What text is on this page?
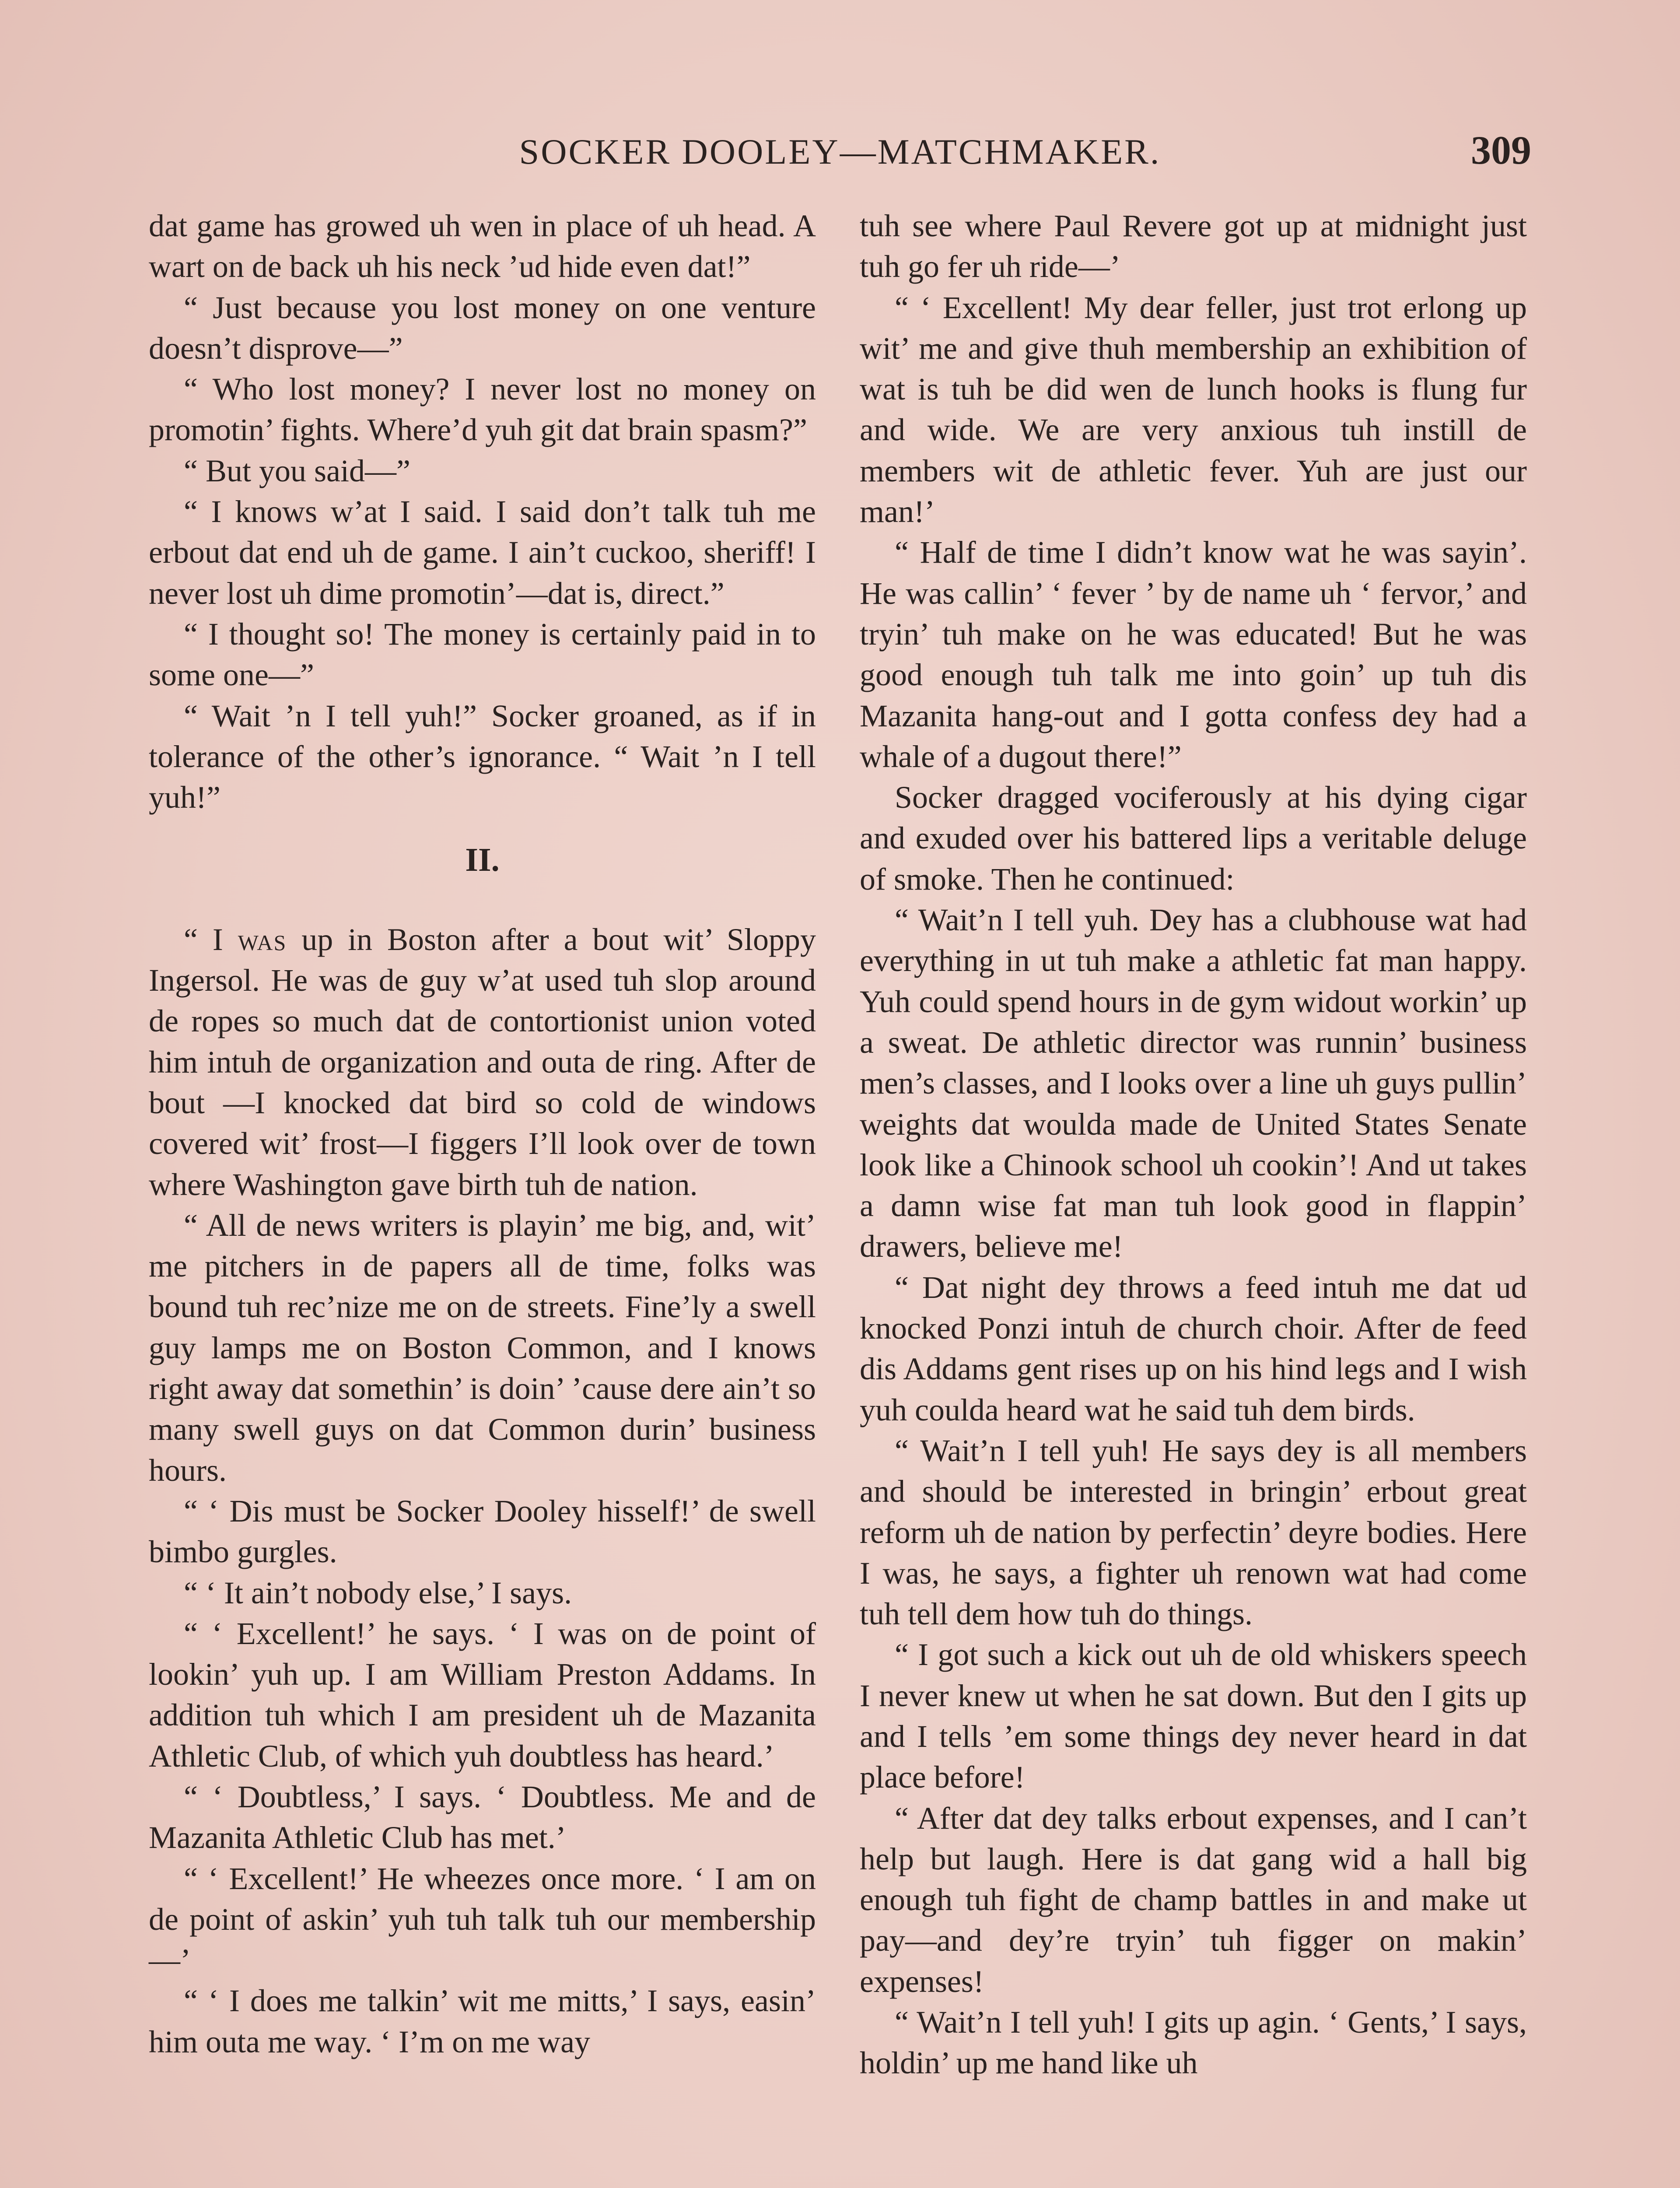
SOCKER DOOLEY—MATCHMAKER.	309

dat game has growed uh wen in place of uh head. A wart on de back uh his neck ’ud hide even dat!”

“ Just because you lost money on one venture doesn’t disprove—”

“ Who lost money? I never lost no money on promotin’ fights. Where’d yuh git dat brain spasm?”

“ But you said—”

“ I knows w’at I said. I said don’t talk tuh me erbout dat end uh de game. I ain’t cuckoo, sheriff! I never lost uh dime promotin’—dat is, direct.”

“ I thought so! The money is certainly paid in to some one—”

“ Wait ’n I tell yuh!” Socker groaned, as if in tolerance of the other’s ignorance. “ Wait ’n I tell yuh!”

II.

“ I was up in Boston after a bout wit’ Sloppy Ingersol. He was de guy w’at used tuh slop around de ropes so much dat de contortionist union voted him intuh de organization and outa de ring. After de bout —I knocked dat bird so cold de windows covered wit’ frost—I figgers I’ll look over de town where Washington gave birth tuh de nation.

“ All de news writers is playin’ me big, and, wit’ me pitchers in de papers all de time, folks was bound tuh rec’nize me on de streets. Fine’ly a swell guy lamps me on Boston Common, and I knows right away dat somethin’ is doin’ ’cause dere ain’t so many swell guys on dat Common durin’ business hours.

“ ‘ Dis must be Socker Dooley hisself!’ de swell bimbo gurgles.

“ ‘ It ain’t nobody else,’ I says.

“ ‘ Excellent!’ he says. ‘ I was on de point of lookin’ yuh up. I am William Preston Addams. In addition tuh which I am president uh de Mazanita Athletic Club, of which yuh doubtless has heard.’

“ ‘ Doubtless,’ I says. ‘ Doubtless. Me and de Mazanita Athletic Club has met.’

“ ‘ Excellent!’ He wheezes once more. ‘ I am on de point of askin’ yuh tuh talk tuh our membership—’

“ ‘ I does me talkin’ wit me mitts,’ I says, easin’ him outa me way. ‘ I’m on me way

tuh see where Paul Revere got up at midnight just tuh go fer uh ride—’

“ ‘ Excellent! My dear feller, just trot erlong up wit’ me and give thuh membership an exhibition of wat is tuh be did wen de lunch hooks is flung fur and wide. We are very anxious tuh instill de members wit de athletic fever. Yuh are just our man!’

“ Half de time I didn’t know wat he was sayin’. He was callin’ ‘ fever ’ by de name uh ‘ fervor,’ and tryin’ tuh make on he was educated! But he was good enough tuh talk me into goin’ up tuh dis Mazanita hang-out and I gotta confess dey had a whale of a dugout there!”

Socker dragged vociferously at his dying cigar and exuded over his battered lips a veritable deluge of smoke. Then he continued:

“ Wait’n I tell yuh. Dey has a clubhouse wat had everything in ut tuh make a athletic fat man happy. Yuh could spend hours in de gym widout workin’ up a sweat. De athletic director was runnin’ business men’s classes, and I looks over a line uh guys pullin’ weights dat woulda made de United States Senate look like a Chinook school uh cookin’! And ut takes a damn wise fat man tuh look good in flappin’ drawers, believe me!

“ Dat night dey throws a feed intuh me dat ud knocked Ponzi intuh de church choir. After de feed dis Addams gent rises up on his hind legs and I wish yuh coulda heard wat he said tuh dem birds.

“ Wait’n I tell yuh! He says dey is all members and should be interested in bringin’ erbout great reform uh de nation by perfectin’ deyre bodies. Here I was, he says, a fighter uh renown wat had come tuh tell dem how tuh do things.

“ I got such a kick out uh de old whiskers speech I never knew ut when he sat down. But den I gits up and I tells ’em some things dey never heard in dat place before!

“ After dat dey talks erbout expenses, and I can’t help but laugh. Here is dat gang wid a hall big enough tuh fight de champ battles in and make ut pay—and dey’re tryin’ tuh figger on makin’ expenses!

“ Wait’n I tell yuh! I gits up agin. ‘ Gents,’ I says, holdin’ up me hand like uh
